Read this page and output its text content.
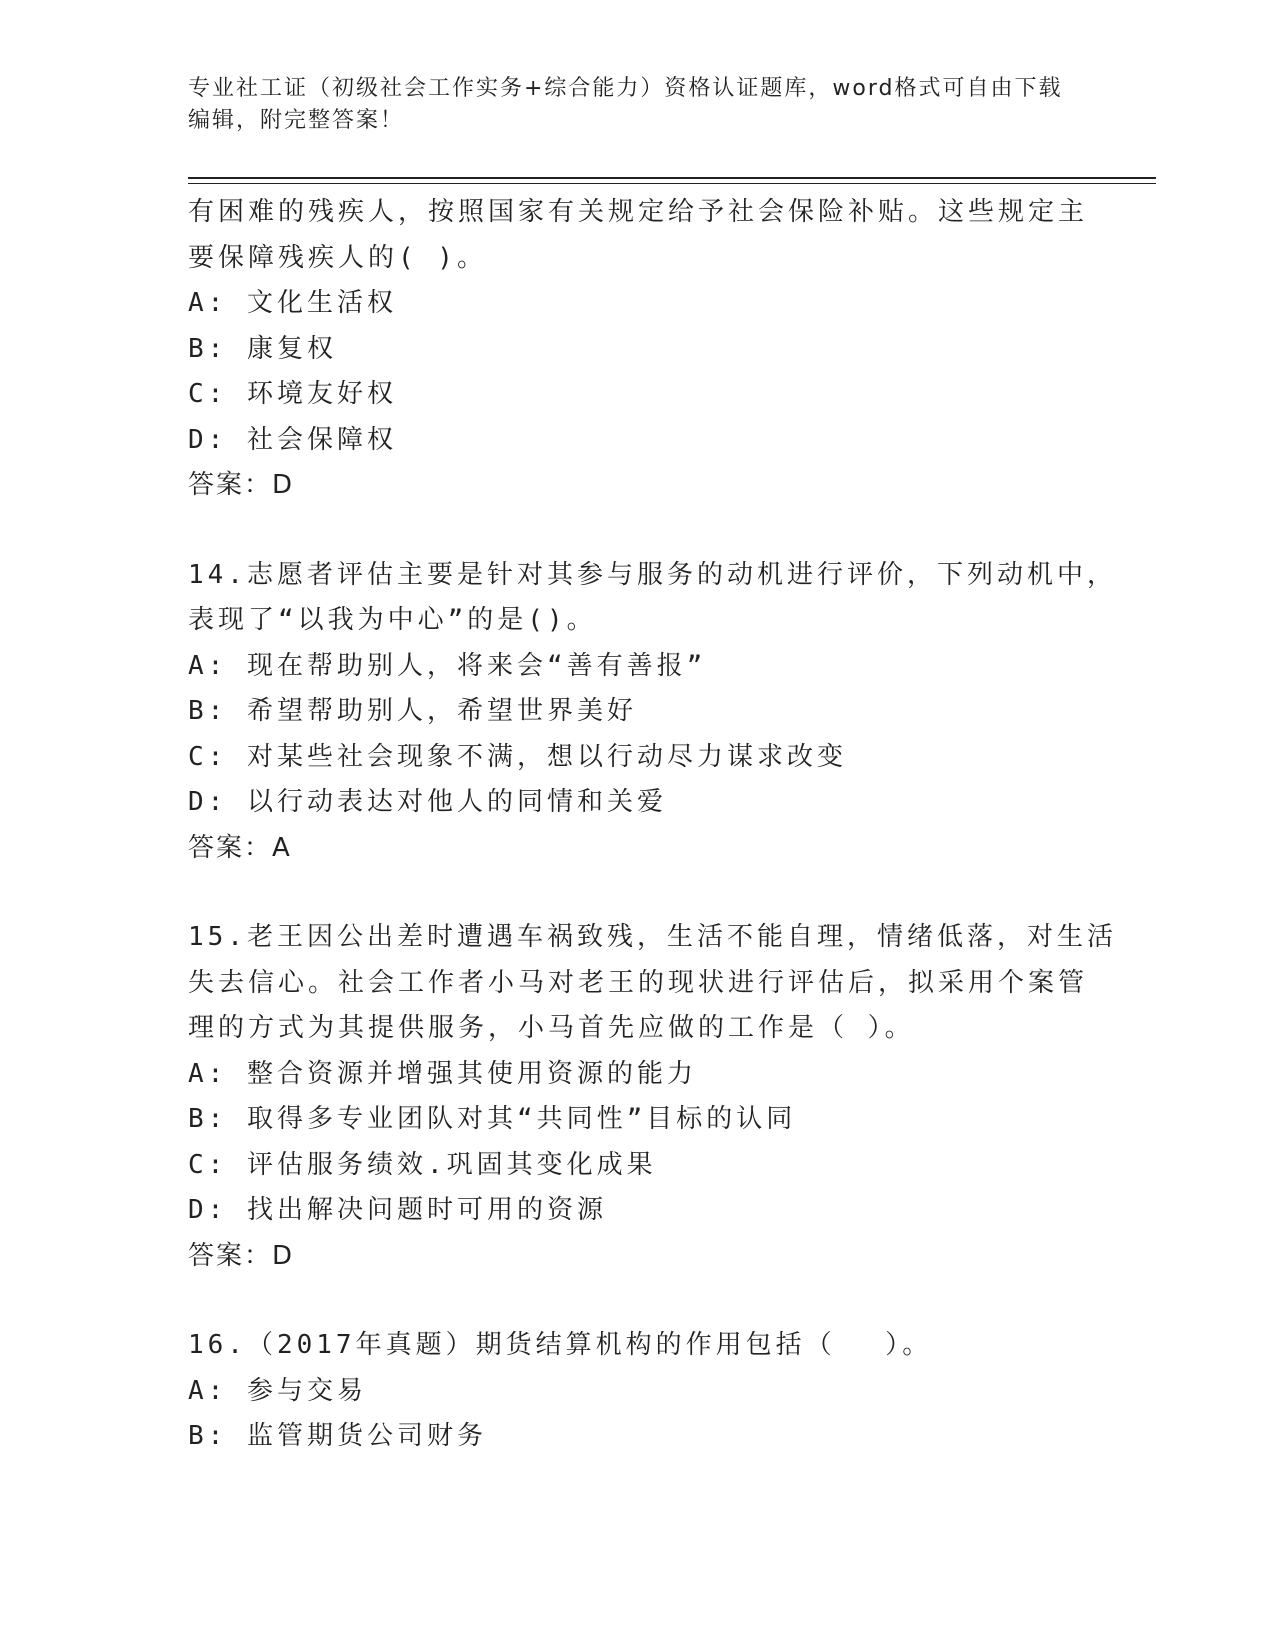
专业社工证（初级社会工作实务+综合能力）资格认证题库，word格式可自由下载
编辑，附完整答案！
有困难的残疾人，按照国家有关规定给予社会保险补贴。这些规定主
要保障残疾人的( )。
A: 文化生活权
B: 康复权
C: 环境友好权
D: 社会保障权
答案：D
14.志愿者评估主要是针对其参与服务的动机进行评价，下列动机中，
表现了“以我为中心”的是()。
A: 现在帮助别人，将来会“善有善报”
B: 希望帮助别人，希望世界美好
C: 对某些社会现象不满，想以行动尽力谋求改变
D: 以行动表达对他人的同情和关爱
答案：A
15.老王因公出差时遭遇车祸致残，生活不能自理，情绪低落，对生活
失去信心。社会工作者小马对老王的现状进行评估后，拟采用个案管
理的方式为其提供服务，小马首先应做的工作是（ ）。
A: 整合资源并增强其使用资源的能力
B: 取得多专业团队对其“共同性”目标的认同
C: 评估服务绩效.巩固其变化成果
D: 找出解决问题时可用的资源
答案：D
16.（2017年真题）期货结算机构的作用包括（　 ）。
A: 参与交易
B: 监管期货公司财务
